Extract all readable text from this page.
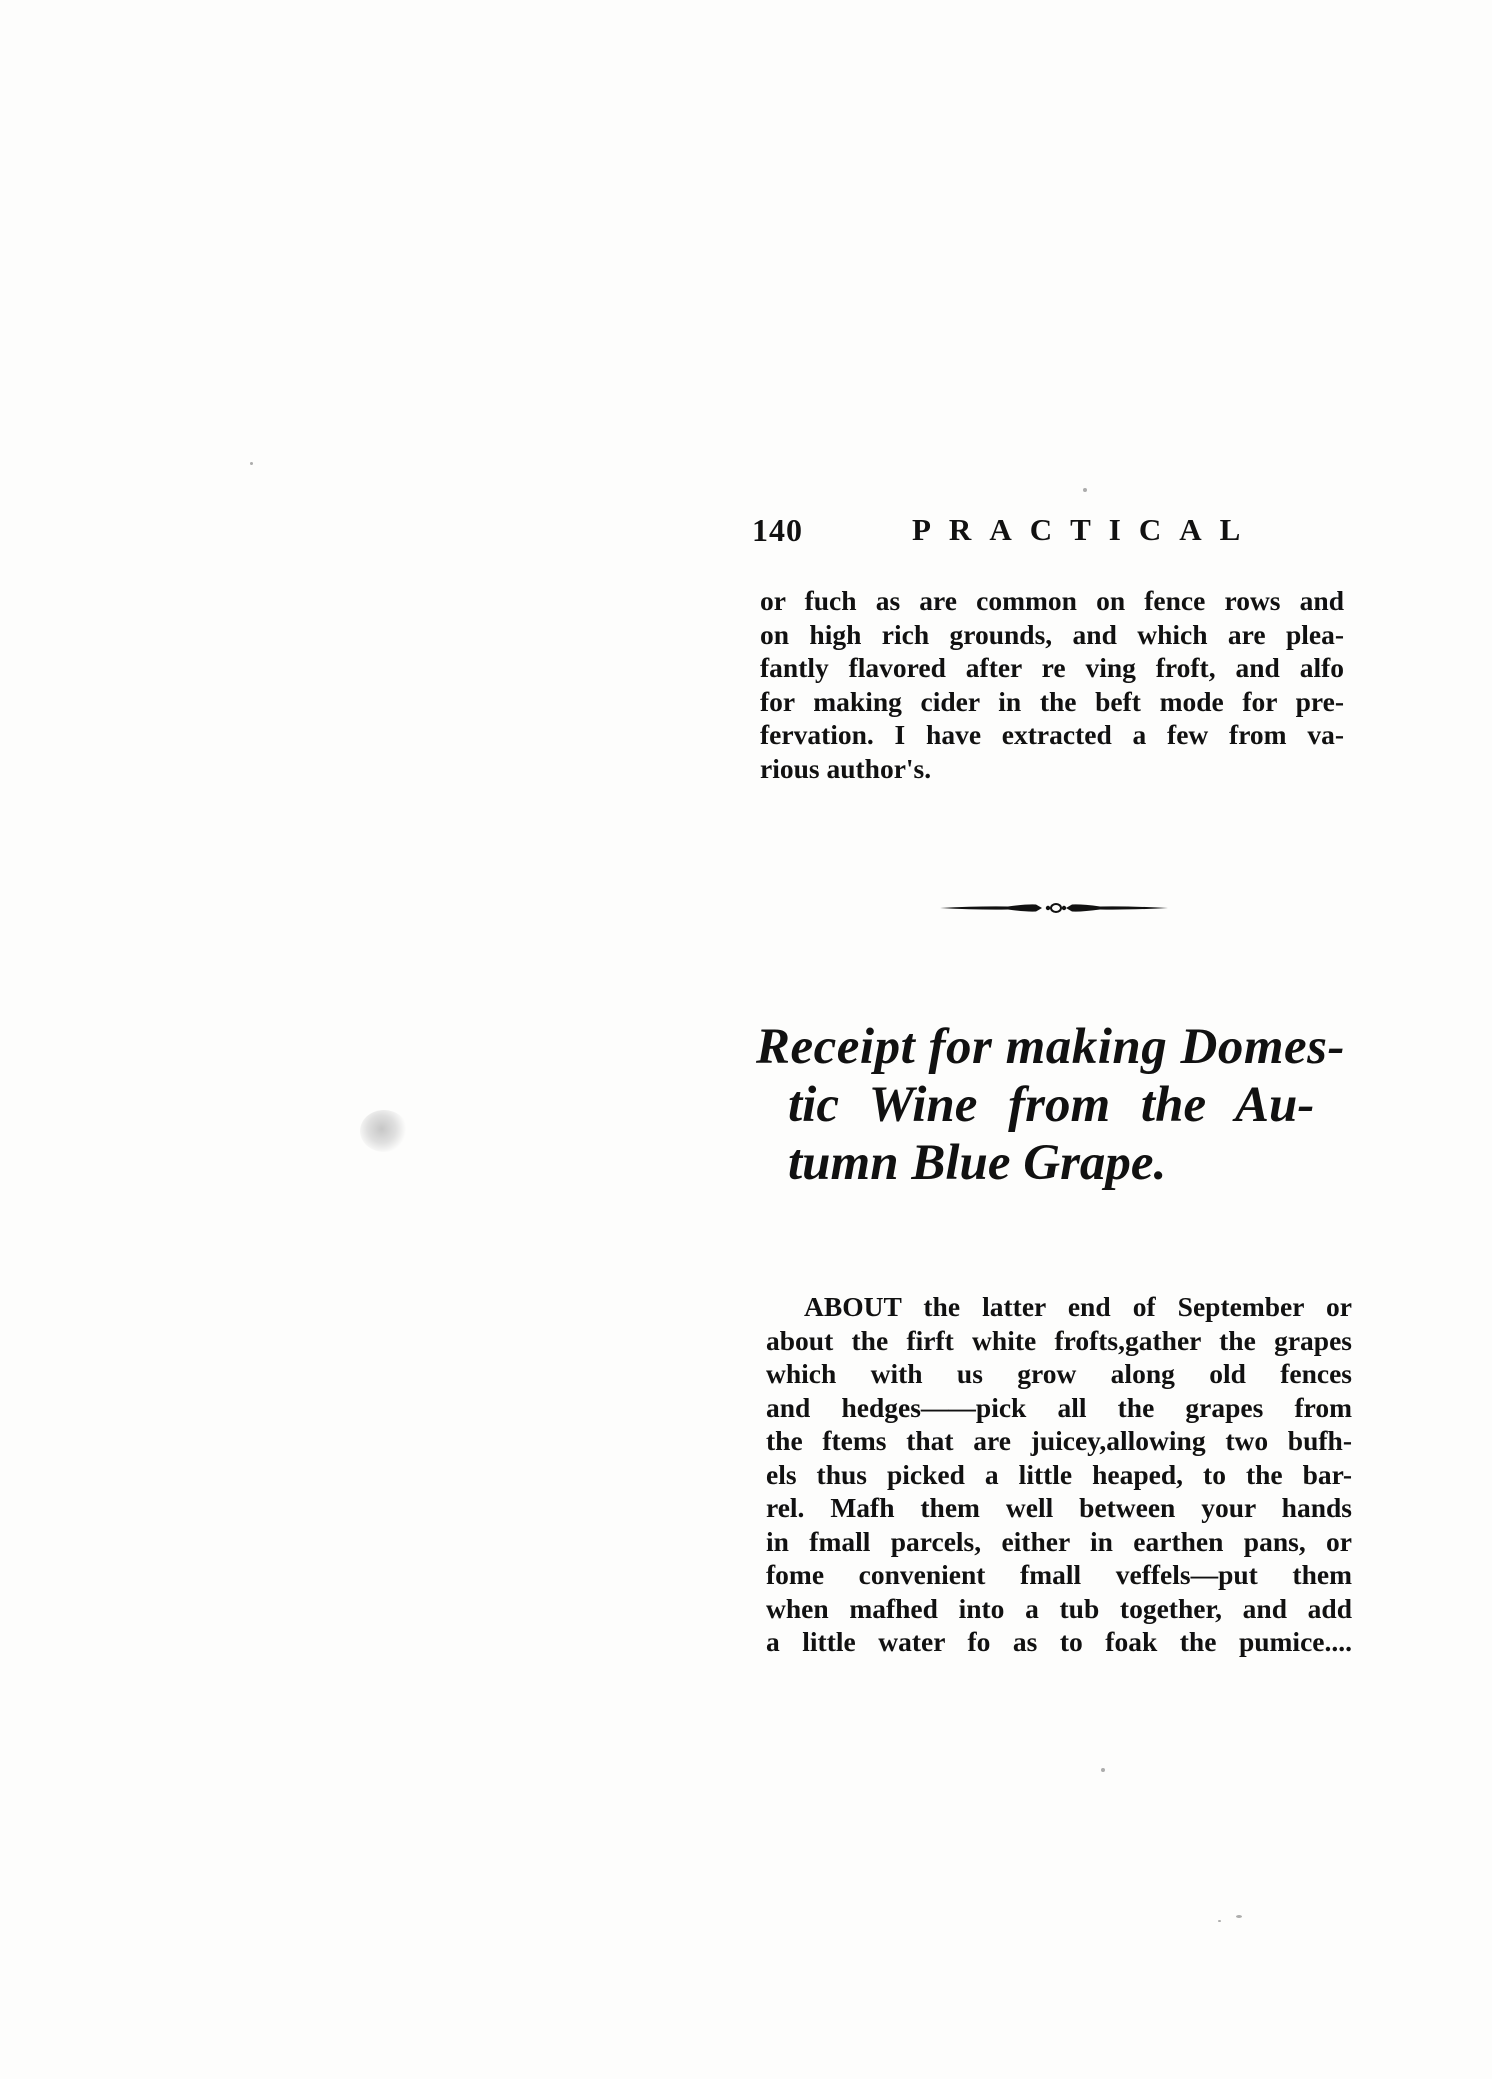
140	PRACTICAL
or fuch as are common on fence rows and
on high rich grounds, and which are plea-
fantly flavored after re ving froft, and alfo
for making cider in the beft mode for pre-
fervation. I have extracted a few from va-
rious author's.
Receipt for making Domes-
tic Wine from the Au-
tumn Blue Grape.
ABOUT the latter end of September or
about the firft white frofts,gather the grapes
which with us grow along old fences
and hedges——pick all the grapes from
the ftems that are juicey,allowing two bufh-
els thus picked a little heaped, to the bar-
rel. Mafh them well between your hands
in fmall parcels, either in earthen pans, or
fome convenient fmall veffels—put them
when mafhed into a tub together, and add
a little water fo as to foak the pumice....
